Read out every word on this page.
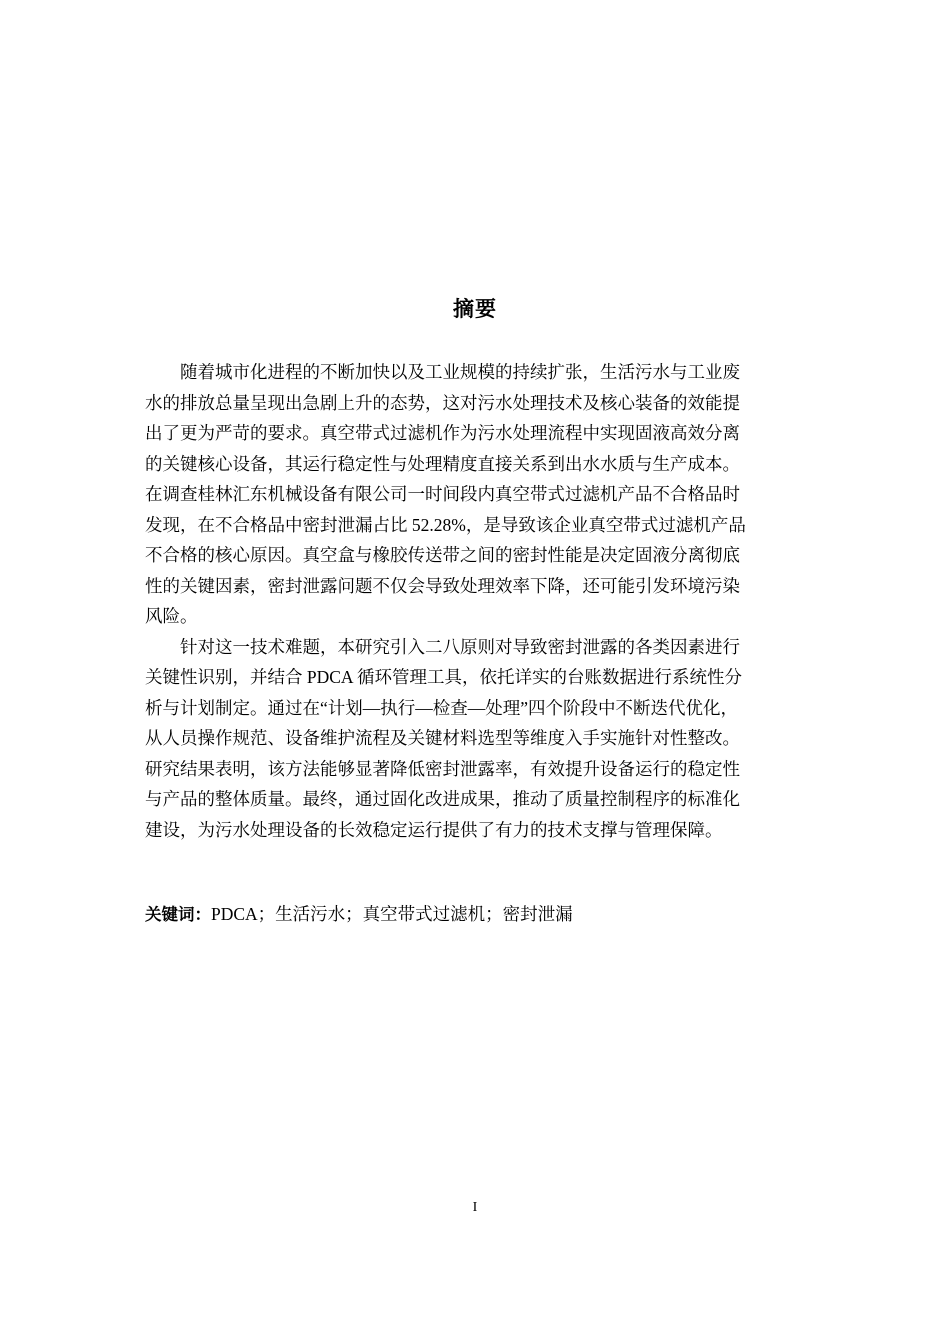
摘要
随着城市化进程的不断加快以及工业规模的持续扩张，生活污水与工业废
水的排放总量呈现出急剧上升的态势，这对污水处理技术及核心装备的效能提
出了更为严苛的要求。真空带式过滤机作为污水处理流程中实现固液高效分离
的关键核心设备，其运行稳定性与处理精度直接关系到出水水质与生产成本。
在调查桂林汇东机械设备有限公司一时间段内真空带式过滤机产品不合格品时
发现，在不合格品中密封泄漏占比 52.28%，是导致该企业真空带式过滤机产品
不合格的核心原因。真空盒与橡胶传送带之间的密封性能是决定固液分离彻底
性的关键因素，密封泄露问题不仅会导致处理效率下降，还可能引发环境污染
风险。
针对这一技术难题，本研究引入二八原则对导致密封泄露的各类因素进行
关键性识别，并结合 PDCA 循环管理工具，依托详实的台账数据进行系统性分
析与计划制定。通过在“计划—执行—检查—处理”四个阶段中不断迭代优化，
从人员操作规范、设备维护流程及关键材料选型等维度入手实施针对性整改。
研究结果表明，该方法能够显著降低密封泄露率，有效提升设备运行的稳定性
与产品的整体质量。最终，通过固化改进成果，推动了质量控制程序的标准化
建设，为污水处理设备的长效稳定运行提供了有力的技术支撑与管理保障。
关键词：PDCA；生活污水；真空带式过滤机；密封泄漏
I
